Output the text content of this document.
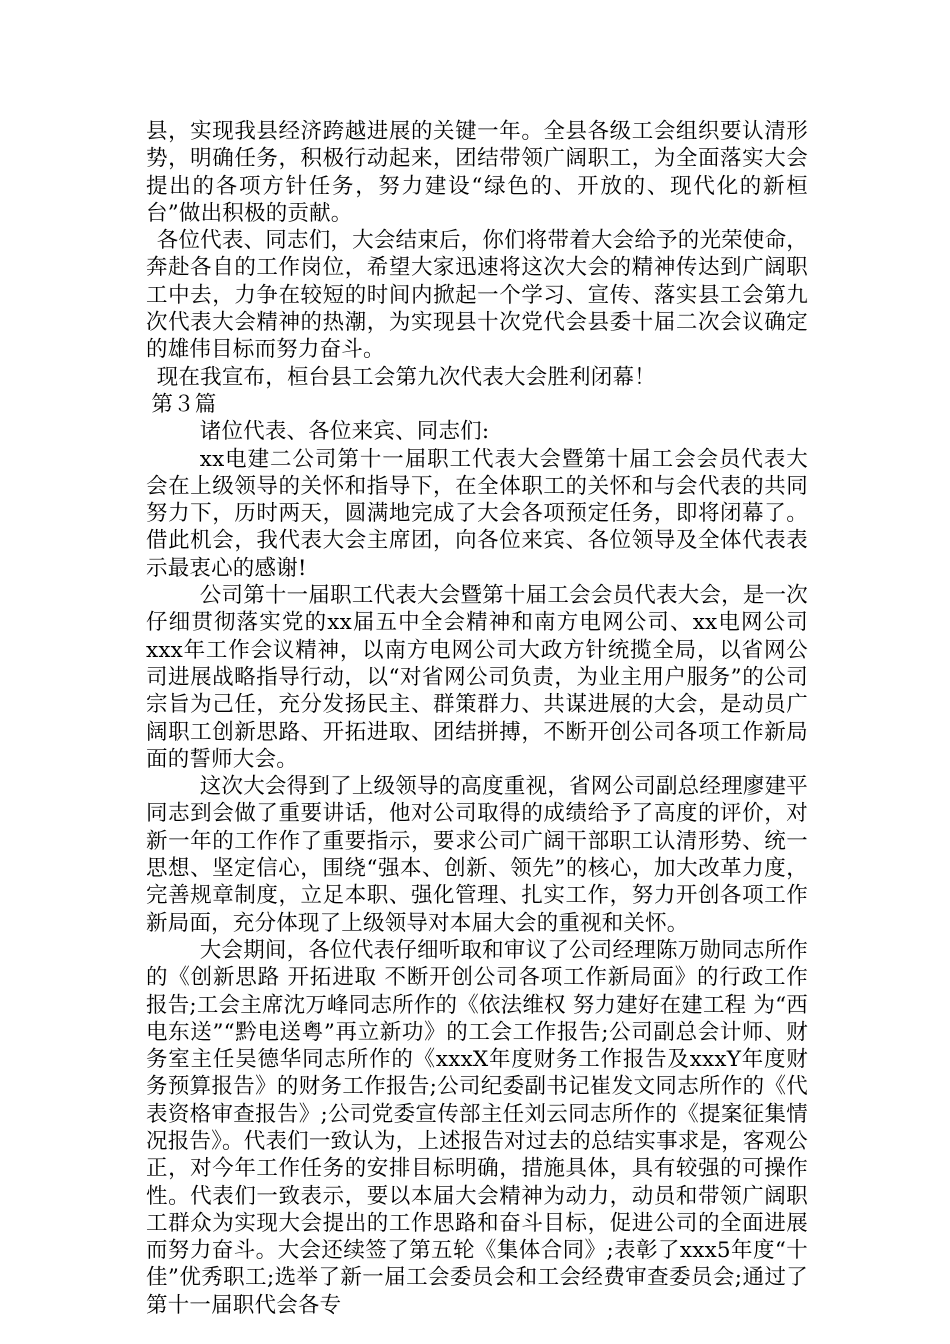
县，实现我县经济跨越进展的关键一年。全县各级工会组织要认清形势，明确任务，积极行动起来，团结带领广阔职工，为全面落实大会提出的各项方针任务，努力建设“绿色的、开放的、现代化的新桓台”做出积极的贡献。

各位代表、同志们，大会结束后，你们将带着大会给予的光荣使命，奔赴各自的工作岗位，希望大家迅速将这次大会的精神传达到广阔职工中去，力争在较短的时间内掀起一个学习、宣传、落实县工会第九次代表大会精神的热潮，为实现县十次党代会县委十届二次会议确定的雄伟目标而努力奋斗。

现在我宣布，桓台县工会第九次代表大会胜利闭幕！

第３篇

诸位代表、各位来宾、同志们:

xx电建二公司第十一届职工代表大会暨第十届工会会员代表大会在上级领导的关怀和指导下，在全体职工的关怀和与会代表的共同努力下，历时两天，圆满地完成了大会各项预定任务，即将闭幕了。借此机会，我代表大会主席团，向各位来宾、各位领导及全体代表表示最衷心的感谢!

公司第十一届职工代表大会暨第十届工会会员代表大会，是一次仔细贯彻落实党的xx届五中全会精神和南方电网公司、xx电网公司xxx年工作会议精神，以南方电网公司大政方针统揽全局，以省网公司进展战略指导行动，以“对省网公司负责，为业主用户服务”的公司宗旨为己任，充分发扬民主、群策群力、共谋进展的大会，是动员广阔职工创新思路、开拓进取、团结拼搏，不断开创公司各项工作新局面的誓师大会。

这次大会得到了上级领导的高度重视，省网公司副总经理廖建平同志到会做了重要讲话，他对公司取得的成绩给予了高度的评价，对新一年的工作作了重要指示，要求公司广阔干部职工认清形势、统一思想、坚定信心，围绕“强本、创新、领先”的核心，加大改革力度，完善规章制度，立足本职、强化管理、扎实工作，努力开创各项工作新局面，充分体现了上级领导对本届大会的重视和关怀。

大会期间，各位代表仔细听取和审议了公司经理陈万勋同志所作的《创新思路 开拓进取 不断开创公司各项工作新局面》的行政工作报告;工会主席沈万峰同志所作的《依法维权 努力建好在建工程 为“西电东送”“黔电送粤”再立新功》的工会工作报告;公司副总会计师、财务室主任吴德华同志所作的《xxxX年度财务工作报告及xxxY年度财务预算报告》的财务工作报告;公司纪委副书记崔发文同志所作的《代表资格审查报告》;公司党委宣传部主任刘云同志所作的《提案征集情况报告》。代表们一致认为，上述报告对过去的总结实事求是，客观公正，对今年工作任务的安排目标明确，措施具体，具有较强的可操作性。代表们一致表示，要以本届大会精神为动力，动员和带领广阔职工群众为实现大会提出的工作思路和奋斗目标，促进公司的全面进展而努力奋斗。大会还续签了第五轮《集体合同》;表彰了xxx5年度“十佳”优秀职工;选举了新一届工会委员会和工会经费审查委员会;通过了第十一届职代会各专
